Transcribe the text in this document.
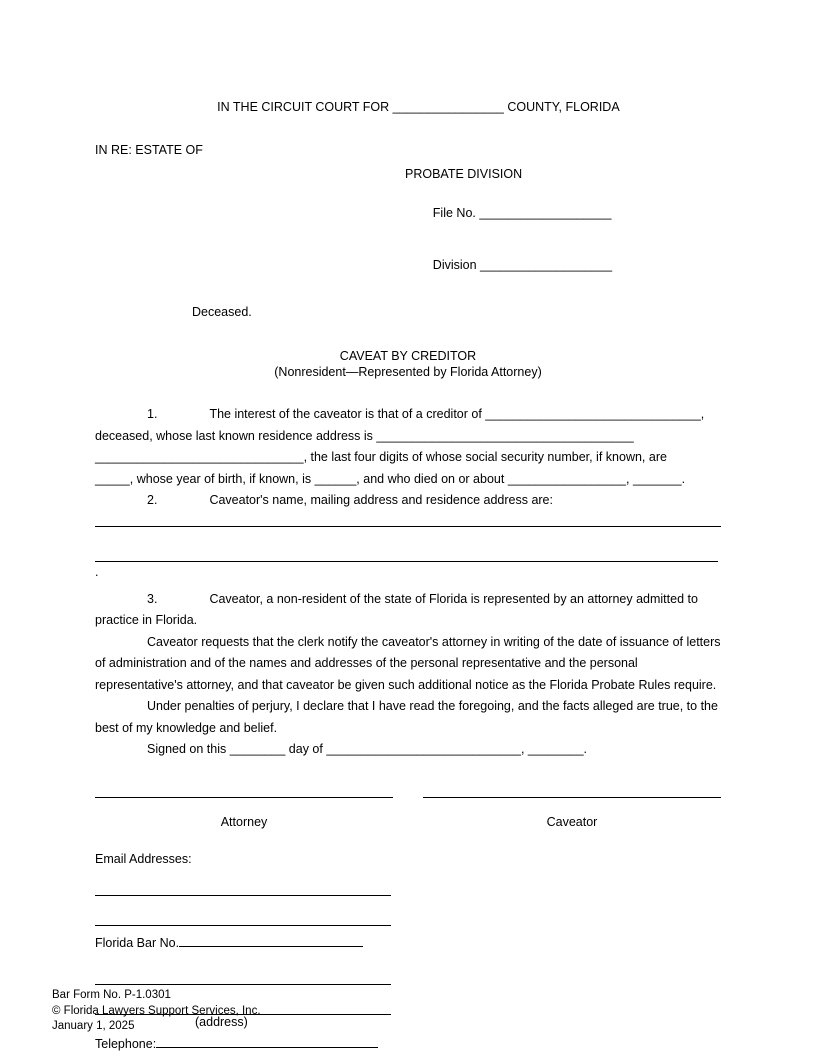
IN THE CIRCUIT COURT FOR ________________ COUNTY, FLORIDA

IN RE: ESTATE OF
PROBATE DIVISION

File No. ___________________

Division ___________________

Deceased.
CAVEAT BY CREDITOR
(Nonresident—Represented by Florida Attorney)
1.	The interest of the caveator is that of a creditor of _______________________________,
deceased, whose last known residence address is _____________________________________
______________________________, the last four digits of whose social security number, if known, are
_____, whose year of birth, if known, is ______, and who died on or about _________________, _______.
2.	Caveator's name, mailing address and residence address are:
.
3.	Caveator, a non-resident of the state of Florida is represented by an attorney admitted to practice in Florida.
Caveator requests that the clerk notify the caveator's attorney in writing of the date of issuance of letters of administration and of the names and addresses of the personal representative and the personal representative's attorney, and that caveator be given such additional notice as the Florida Probate Rules require.
Under penalties of perjury, I declare that I have read the foregoing, and the facts alleged are true, to the best of my knowledge and belief.
Signed on this ________ day of ____________________________, ________.
Attorney	Caveator
Email Addresses:
Florida Bar No.
(address)
Telephone:
Bar Form No. P-1.0301
© Florida Lawyers Support Services, Inc.
January 1, 2025
